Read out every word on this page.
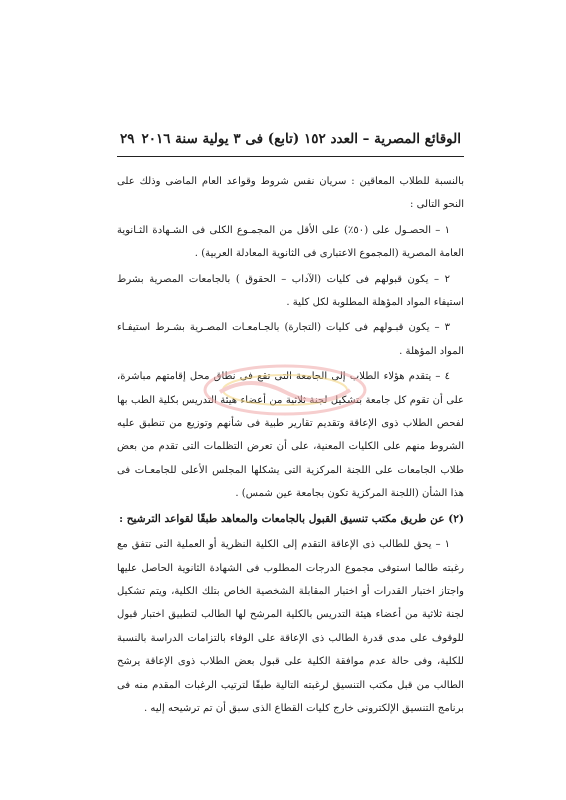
الوقائع المصرية – العدد ١٥٢ (تابع) فى ٣ يولية سنة ٢٠١٦
٢٩

بالنسبة للطلاب المعاقين : سريان نفس شروط وقواعد العام الماضى وذلك على النحو التالى :

١ – الحصـول على (٥٠٪) على الأقل من المجمـوع الكلى فى الشـهادة الثـانوية العامة المصرية (المجموع الاعتبارى فى الثانوية المعادلة العربية) .

٢ – يكون قبولهم فى كليات (الآداب – الحقوق ) بالجامعات المصرية بشرط استيفاء المواد المؤهلة المطلوبة لكل كلية .

٣ – يكون قبـولهم فى كليات (التجارة) بالجـامعـات المصـرية بشـرط استيفـاء المواد المؤهلة .

٤ – يتقدم هؤلاء الطلاب إلى الجامعة التى تقع فى نطاق محل إقامتهم مباشرة، على أن تقوم كل جامعة بتشكيل لجنة ثلاثية من أعضاء هيئة التدريس بكلية الطب بها لفحص الطلاب ذوى الإعاقة وتقديم تقارير طبية فى شأنهم وتوزيع من تنطبق عليه الشروط منهم على الكليات المعنية، على أن تعرض التظلمات التى تقدم من بعض طلاب الجامعات على اللجنة المركزية التى يشكلها المجلس الأعلى للجامعـات فى هذا الشأن (اللجنة المركزية تكون بجامعة عين شمس) .

(٢) عن طريق مكتب تنسيق القبول بالجامعات والمعاهد طبقًا لقواعد الترشيح :

١ – يحق للطالب ذى الإعاقة التقدم إلى الكلية النظرية أو العملية التى تتفق مع رغبته طالما استوفى مجموع الدرجات المطلوب فى الشهادة الثانوية الحاصل عليها واجتاز اختبار القدرات أو اختبار المقابلة الشخصية الخاص بتلك الكلية، ويتم تشكيل لجنة ثلاثية من أعضاء هيئة التدريس بالكلية المرشح لها الطالب لتطبيق اختبار قبول للوقوف على مدى قدرة الطالب ذى الإعاقة على الوفاء بالتزامات الدراسة بالنسبة للكلية، وفى حالة عدم موافقة الكلية على قبول بعض الطلاب ذوى الإعاقة يرشح الطالب من قبل مكتب التنسيق لرغبته التالية طبقًا لترتيب الرغبات المقدم منه فى برنامج التنسيق الإلكترونى خارج كليات القطاع الذى سبق أن تم ترشيحه إليه .
